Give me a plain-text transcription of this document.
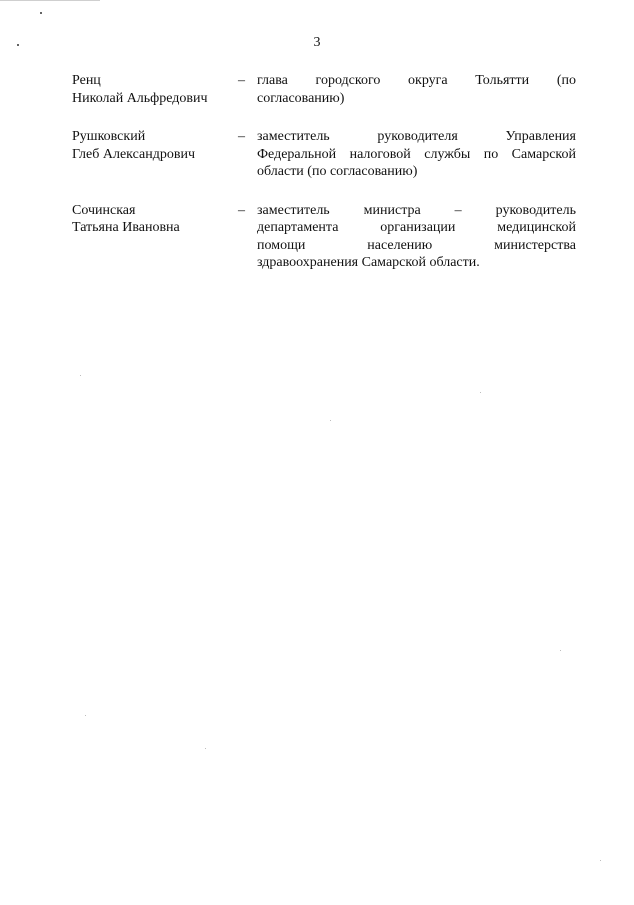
3
Ренц
Николай Альфредович
– глава городского округа Тольятти (по
согласованию)
Рушковский
Глеб Александрович
– заместитель руководителя Управления
Федеральной налоговой службы по Самарской
области (по согласованию)
Сочинская
Татьяна Ивановна
– заместитель министра – руководитель
департамента организации медицинской
помощи населению министерства
здравоохранения Самарской области.
